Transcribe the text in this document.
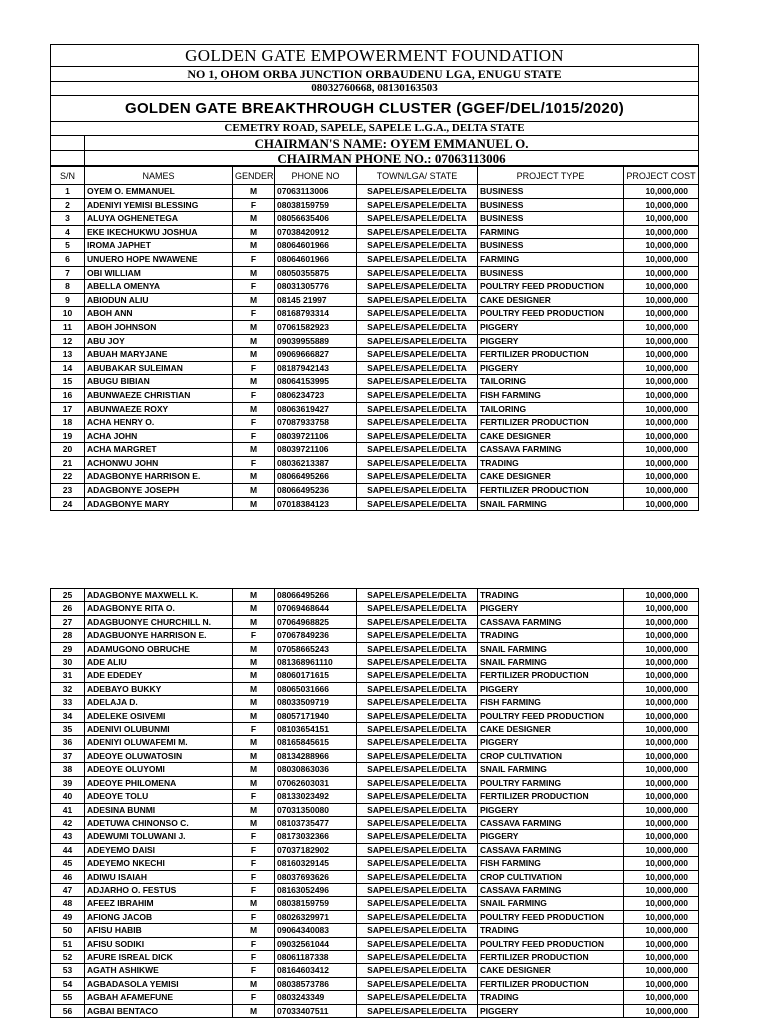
GOLDEN GATE EMPOWERMENT FOUNDATION	
NO 1, OHOM ORBA JUNCTION ORBAUDENU LGA, ENUGU STATE	
08032760668, 08130163503	
GOLDEN GATE BREAKTHROUGH CLUSTER (GGEF/DEL/1015/2020)	
CEMETRY ROAD, SAPELE, SAPELE L.G.A., DELTA STATE	
	CHAIRMAN'S NAME: OYEM EMMANUEL O.
	CHAIRMAN PHONE NO.: 07063113006
S/N	NAMES	GENDER	PHONE NO	TOWN/LGA/ STATE	PROJECT TYPE	PROJECT COST
1	OYEM O. EMMANUEL	M	07063113006	SAPELE/SAPELE/DELTA	BUSINESS	10,000,000
2	ADENIYI YEMISI BLESSING	F	08038159759	SAPELE/SAPELE/DELTA	BUSINESS	10,000,000
3	ALUYA OGHENETEGA	M	08056635406	SAPELE/SAPELE/DELTA	BUSINESS	10,000,000
4	EKE IKECHUKWU JOSHUA	M	07038420912	SAPELE/SAPELE/DELTA	FARMING	10,000,000
5	IROMA JAPHET	M	08064601966	SAPELE/SAPELE/DELTA	BUSINESS	10,000,000
6	UNUERO HOPE NWAWENE	F	08064601966	SAPELE/SAPELE/DELTA	FARMING	10,000,000
7	OBI WILLIAM	M	08050355875	SAPELE/SAPELE/DELTA	BUSINESS	10,000,000
8	ABELLA OMENYA	F	08031305776	SAPELE/SAPELE/DELTA	POULTRY FEED PRODUCTION	10,000,000
9	ABIODUN ALIU	M	08145 21997	SAPELE/SAPELE/DELTA	CAKE DESIGNER	10,000,000
10	ABOH ANN	F	08168793314	SAPELE/SAPELE/DELTA	POULTRY FEED PRODUCTION	10,000,000
11	ABOH JOHNSON	M	07061582923	SAPELE/SAPELE/DELTA	PIGGERY	10,000,000
12	ABU JOY	M	09039955889	SAPELE/SAPELE/DELTA	PIGGERY	10,000,000
13	ABUAH MARYJANE	M	09069666827	SAPELE/SAPELE/DELTA	FERTILIZER PRODUCTION	10,000,000
14	ABUBAKAR SULEIMAN	F	08187942143	SAPELE/SAPELE/DELTA	PIGGERY	10,000,000
15	ABUGU BIBIAN	M	08064153995	SAPELE/SAPELE/DELTA	TAILORING	10,000,000
16	ABUNWAEZE CHRISTIAN	F	0806234723	SAPELE/SAPELE/DELTA	FISH FARMING	10,000,000
17	ABUNWAEZE ROXY	M	08063619427	SAPELE/SAPELE/DELTA	TAILORING	10,000,000
18	ACHA HENRY O.	F	07087933758	SAPELE/SAPELE/DELTA	FERTILIZER PRODUCTION	10,000,000
19	ACHA JOHN	F	08039721106	SAPELE/SAPELE/DELTA	CAKE DESIGNER	10,000,000
20	ACHA MARGRET	M	08039721106	SAPELE/SAPELE/DELTA	CASSAVA FARMING	10,000,000
21	ACHONWU JOHN	F	08036213387	SAPELE/SAPELE/DELTA	TRADING	10,000,000
22	ADAGBONYE HARRISON E.	M	08066495266	SAPELE/SAPELE/DELTA	CAKE DESIGNER	10,000,000
23	ADAGBONYE JOSEPH	M	08066495236	SAPELE/SAPELE/DELTA	FERTILIZER PRODUCTION	10,000,000
24	ADAGBONYE MARY	M	07018384123	SAPELE/SAPELE/DELTA	SNAIL FARMING	10,000,000
25	ADAGBONYE MAXWELL K.	M	08066495266	SAPELE/SAPELE/DELTA	TRADING	10,000,000
26	ADAGBONYE RITA O.	M	07069468644	SAPELE/SAPELE/DELTA	PIGGERY	10,000,000
27	ADAGBUONYE CHURCHILL N.	M	07064968825	SAPELE/SAPELE/DELTA	CASSAVA FARMING	10,000,000
28	ADAGBUONYE HARRISON E.	F	07067849236	SAPELE/SAPELE/DELTA	TRADING	10,000,000
29	ADAMUGONO OBRUCHE	M	07058665243	SAPELE/SAPELE/DELTA	SNAIL FARMING	10,000,000
30	ADE ALIU	M	081368961110	SAPELE/SAPELE/DELTA	SNAIL FARMING	10,000,000
31	ADE EDEDEY	M	08060171615	SAPELE/SAPELE/DELTA	FERTILIZER PRODUCTION	10,000,000
32	ADEBAYO BUKKY	M	08065031666	SAPELE/SAPELE/DELTA	PIGGERY	10,000,000
33	ADELAJA D.	M	08033509719	SAPELE/SAPELE/DELTA	FISH FARMING	10,000,000
34	ADELEKE OSIVEMI	M	08057171940	SAPELE/SAPELE/DELTA	POULTRY FEED PRODUCTION	10,000,000
35	ADENIVI OLUBUNMI	F	08103654151	SAPELE/SAPELE/DELTA	CAKE DESIGNER	10,000,000
36	ADENIYI OLUWAFEMI M.	M	08165845615	SAPELE/SAPELE/DELTA	PIGGERY	10,000,000
37	ADEOYE OLUWATOSIN	M	08134288966	SAPELE/SAPELE/DELTA	CROP CULTIVATION	10,000,000
38	ADEOYE OLUYOMI	M	08030863036	SAPELE/SAPELE/DELTA	SNAIL FARMING	10,000,000
39	ADEOYE PHILOMENA	M	07062603031	SAPELE/SAPELE/DELTA	POULTRY FARMING	10,000,000
40	ADEOYE TOLU	F	08133023492	SAPELE/SAPELE/DELTA	FERTILIZER PRODUCTION	10,000,000
41	ADESINA BUNMI	M	07031350080	SAPELE/SAPELE/DELTA	PIGGERY	10,000,000
42	ADETUWA CHINONSO C.	M	08103735477	SAPELE/SAPELE/DELTA	CASSAVA FARMING	10,000,000
43	ADEWUMI TOLUWANI J.	F	08173032366	SAPELE/SAPELE/DELTA	PIGGERY	10,000,000
44	ADEYEMO DAISI	F	07037182902	SAPELE/SAPELE/DELTA	CASSAVA FARMING	10,000,000
45	ADEYEMO NKECHI	F	08160329145	SAPELE/SAPELE/DELTA	FISH FARMING	10,000,000
46	ADIWU ISAIAH	F	08037693626	SAPELE/SAPELE/DELTA	CROP CULTIVATION	10,000,000
47	ADJARHO O. FESTUS	F	08163052496	SAPELE/SAPELE/DELTA	CASSAVA FARMING	10,000,000
48	AFEEZ IBRAHIM	M	08038159759	SAPELE/SAPELE/DELTA	SNAIL FARMING	10,000,000
49	AFIONG JACOB	F	08026329971	SAPELE/SAPELE/DELTA	POULTRY FEED PRODUCTION	10,000,000
50	AFISU HABIB	M	09064340083	SAPELE/SAPELE/DELTA	TRADING	10,000,000
51	AFISU SODIKI	F	09032561044	SAPELE/SAPELE/DELTA	POULTRY FEED PRODUCTION	10,000,000
52	AFURE ISREAL DICK	F	08061187338	SAPELE/SAPELE/DELTA	FERTILIZER PRODUCTION	10,000,000
53	AGATH ASHIKWE	F	08164603412	SAPELE/SAPELE/DELTA	CAKE DESIGNER	10,000,000
54	AGBADASOLA YEMISI	M	08038573786	SAPELE/SAPELE/DELTA	FERTILIZER PRODUCTION	10,000,000
55	AGBAH AFAMEFUNE	F	0803243349	SAPELE/SAPELE/DELTA	TRADING	10,000,000
56	AGBAI BENTACO	M	07033407511	SAPELE/SAPELE/DELTA	PIGGERY	10,000,000
